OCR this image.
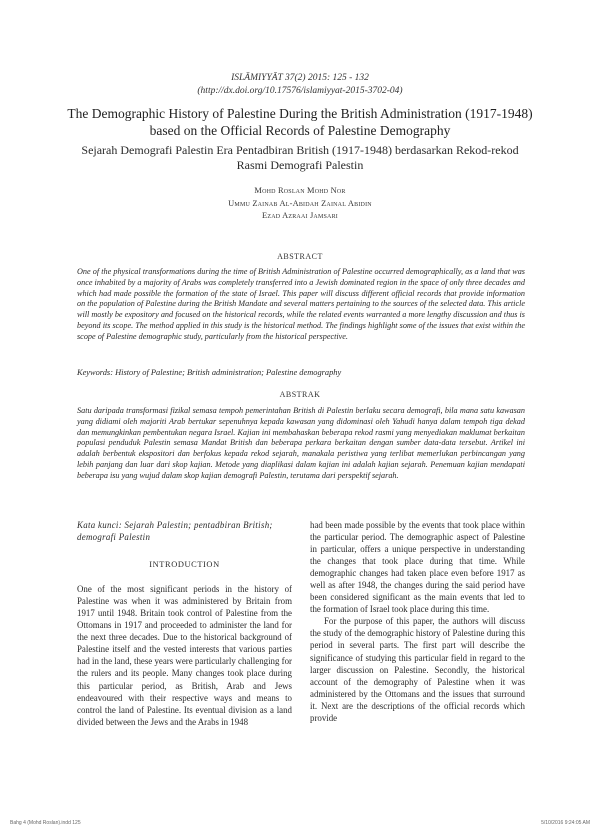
ISLĀMIYYĀT 37(2) 2015: 125 - 132
(http://dx.doi.org/10.17576/islamiyyat-2015-3702-04)
The Demographic History of Palestine During the British Administration (1917-1948) based on the Official Records of Palestine Demography
Sejarah Demografi Palestin Era Pentadbiran British (1917-1948) berdasarkan Rekod-rekod Rasmi Demografi Palestin
Mohd Roslan Mohd Nor
Ummu Zainab Al-Abidah Zainal Abidin
Ezad Azraai Jamsari
ABSTRACT
One of the physical transformations during the time of British Administration of Palestine occurred demographically, as a land that was once inhabited by a majority of Arabs was completely transferred into a Jewish dominated region in the space of only three decades and which had made possible the formation of the state of Israel. This paper will discuss different official records that provide information on the population of Palestine during the British Mandate and several matters pertaining to the sources of the selected data. This article will mostly be expository and focused on the historical records, while the related events warranted a more lengthy discussion and thus is beyond its scope. The method applied in this study is the historical method. The findings highlight some of the issues that exist within the scope of Palestine demographic study, particularly from the historical perspective.
Keywords: History of Palestine; British administration; Palestine demography
ABSTRAK
Satu daripada transformasi fizikal semasa tempoh pemerintahan British di Palestin berlaku secara demografi, bila mana satu kawasan yang didiami oleh majoriti Arab bertukar sepenuhnya kepada kawasan yang didominasi oleh Yahudi hanya dalam tempoh tiga dekad dan memungkinkan pembentukan negara Israel. Kajian ini membahaskan beberapa rekod rasmi yang menyediakan maklumat berkaitan populasi penduduk Palestin semasa Mandat British dan beberapa perkara berkaitan dengan sumber data-data tersebut. Artikel ini adalah berbentuk ekspositori dan berfokus kepada rekod sejarah, manakala peristiwa yang terlibat memerlukan perbincangan yang lebih panjang dan luar dari skop kajian. Metode yang diaplikasi dalam kajian ini adalah kajian sejarah. Penemuan kajian mendapati beberapa isu yang wujud dalam skop kajian demografi Palestin, terutama dari perspektif sejarah.

Kata kunci: Sejarah Palestin; pentadbiran British; demografi Palestin

INTRODUCTION

One of the most significant periods in the history of Palestine was when it was administered by Britain from 1917 until 1948. Britain took control of Palestine from the Ottomans in 1917 and proceeded to administer the land for the next three decades. Due to the historical background of Palestine itself and the vested interests that various parties had in the land, these years were particularly challenging for the rulers and its people. Many changes took place during this particular period, as British, Arab and Jews endeavoured with their respective ways and means to control the land of Palestine. Its eventual division as a land divided between the Jews and the Arabs in 1948

had been made possible by the events that took place within the particular period. The demographic aspect of Palestine in particular, offers a unique perspective in understanding the changes that took place during that time. While demographic changes had taken place even before 1917 as well as after 1948, the changes during the said period have been considered significant as the main events that led to the formation of Israel took place during this time.

For the purpose of this paper, the authors will discuss the study of the demographic history of Palestine during this period in several parts. The first part will describe the significance of studying this particular field in regard to the larger discussion on Palestine. Secondly, the historical account of the demography of Palestine when it was administered by the Ottomans and the issues that surround it. Next are the descriptions of the official records which provide

Bahg 4 (Mohd Roslan).indd 125	5/10/2016 9:24:05 AM
